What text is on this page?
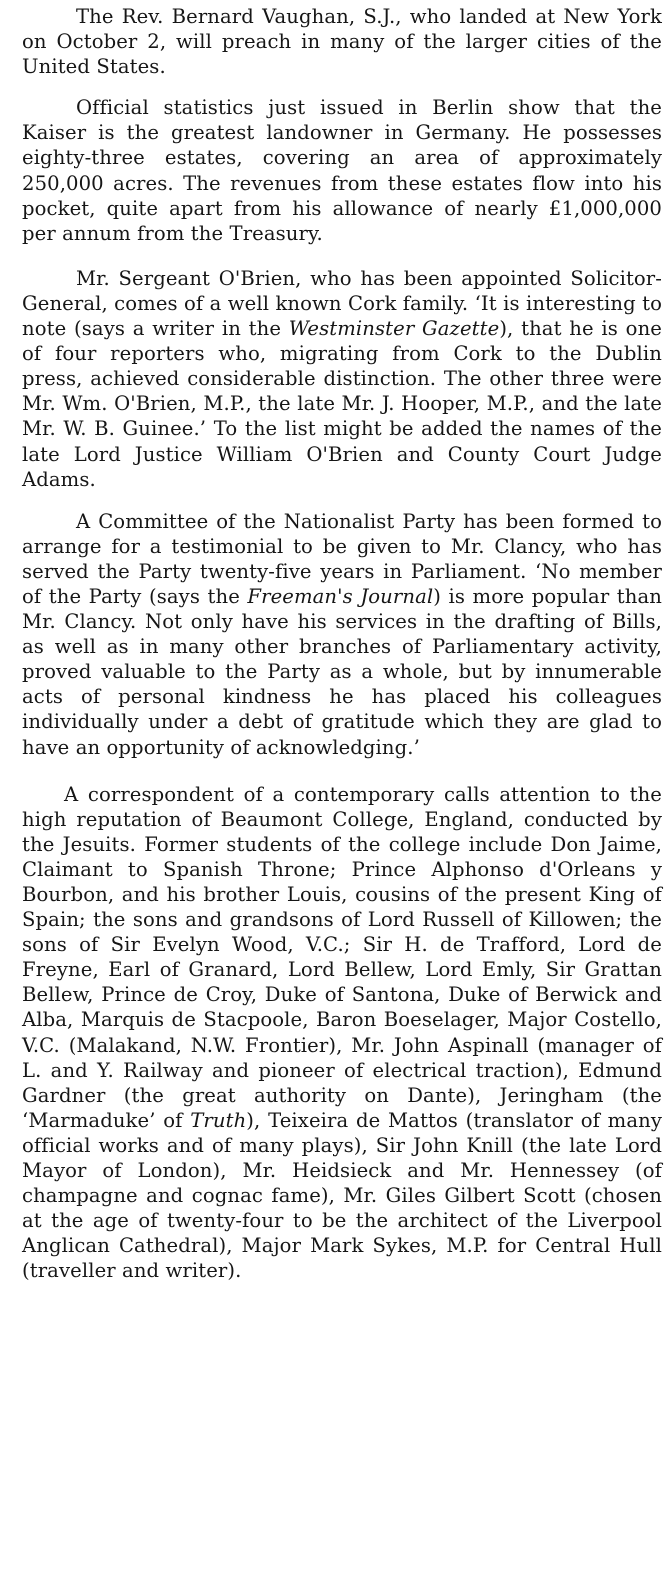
The Rev. Bernard Vaughan, S.J., who landed at New York on October 2, will preach in many of the larger cities of the United States.

Official statistics just issued in Berlin show that the Kaiser is the greatest landowner in Germany. He possesses eighty-three estates, covering an area of approximately 250,000 acres. The revenues from these estates flow into his pocket, quite apart from his allowance of nearly £1,000,000 per annum from the Treasury.

Mr. Sergeant O'Brien, who has been appointed Solicitor-General, comes of a well known Cork family. ‘It is interesting to note (says a writer in the Westminster Gazette), that he is one of four reporters who, migrating from Cork to the Dublin press, achieved considerable distinction. The other three were Mr. Wm. O'Brien, M.P., the late Mr. J. Hooper, M.P., and the late Mr. W. B. Guinee.’ To the list might be added the names of the late Lord Justice William O'Brien and County Court Judge Adams.

A Committee of the Nationalist Party has been formed to arrange for a testimonial to be given to Mr. Clancy, who has served the Party twenty-five years in Parliament. ‘No member of the Party (says the Freeman's Journal) is more popular than Mr. Clancy. Not only have his services in the drafting of Bills, as well as in many other branches of Parliamentary activity, proved valuable to the Party as a whole, but by innumerable acts of personal kindness he has placed his colleagues individually under a debt of gratitude which they are glad to have an opportunity of acknowledging.’

A correspondent of a contemporary calls attention to the high reputation of Beaumont College, England, conducted by the Jesuits. Former students of the college include Don Jaime, Claimant to Spanish Throne; Prince Alphonso d'Orleans y Bourbon, and his brother Louis, cousins of the present King of Spain; the sons and grandsons of Lord Russell of Killowen; the sons of Sir Evelyn Wood, V.C.; Sir H. de Trafford, Lord de Freyne, Earl of Granard, Lord Bellew, Lord Emly, Sir Grattan Bellew, Prince de Croy, Duke of Santona, Duke of Berwick and Alba, Marquis de Stacpoole, Baron Boeselager, Major Costello, V.C. (Malakand, N.W. Frontier), Mr. John Aspinall (manager of L. and Y. Railway and pioneer of electrical traction), Edmund Gardner (the great authority on Dante), Jeringham (the ‘Marmaduke’ of Truth), Teixeira de Mattos (translator of many official works and of many plays), Sir John Knill (the late Lord Mayor of London), Mr. Heidsieck and Mr. Hennessey (of champagne and cognac fame), Mr. Giles Gilbert Scott (chosen at the age of twenty-four to be the architect of the Liverpool Anglican Cathedral), Major Mark Sykes, M.P. for Central Hull (traveller and writer).
